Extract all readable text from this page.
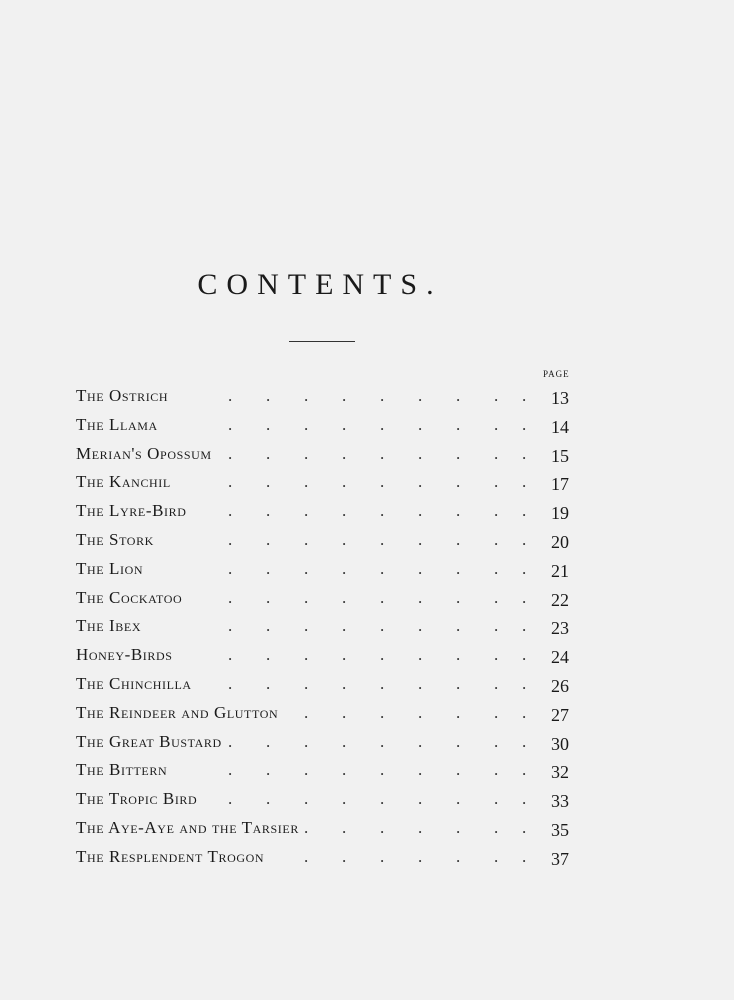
CONTENTS.
PAGE
The Ostrich	. . . . . . . . . 13
The Llama	. . . . . . . . . 14
Merian's Opossum . . . . . . . . . 15
The Kanchil	. . . . . . . . . 17
The Lyre-Bird . . . . . . . . . 19
The Stork	. . . . . . . . . 20
The Lion	. . . . . . . . . 21
The Cockatoo	. . . . . . . . . 22
The Ibex	. . . . . . . . . 23
Honey-Birds	. . . . . . . . . 24
The Chinchilla . . . . . . . . . 26
The Reindeer and Glutton . . . . . . . 27
The Great Bustard . . . . . . . . . 30
The Bittern	. . . . . . . . . 32
The Tropic Bird . . . . . . . . . 33
The Aye-Aye and the Tarsier . . . . . . . 35
The Resplendent Trogon . . . . . . . 37
